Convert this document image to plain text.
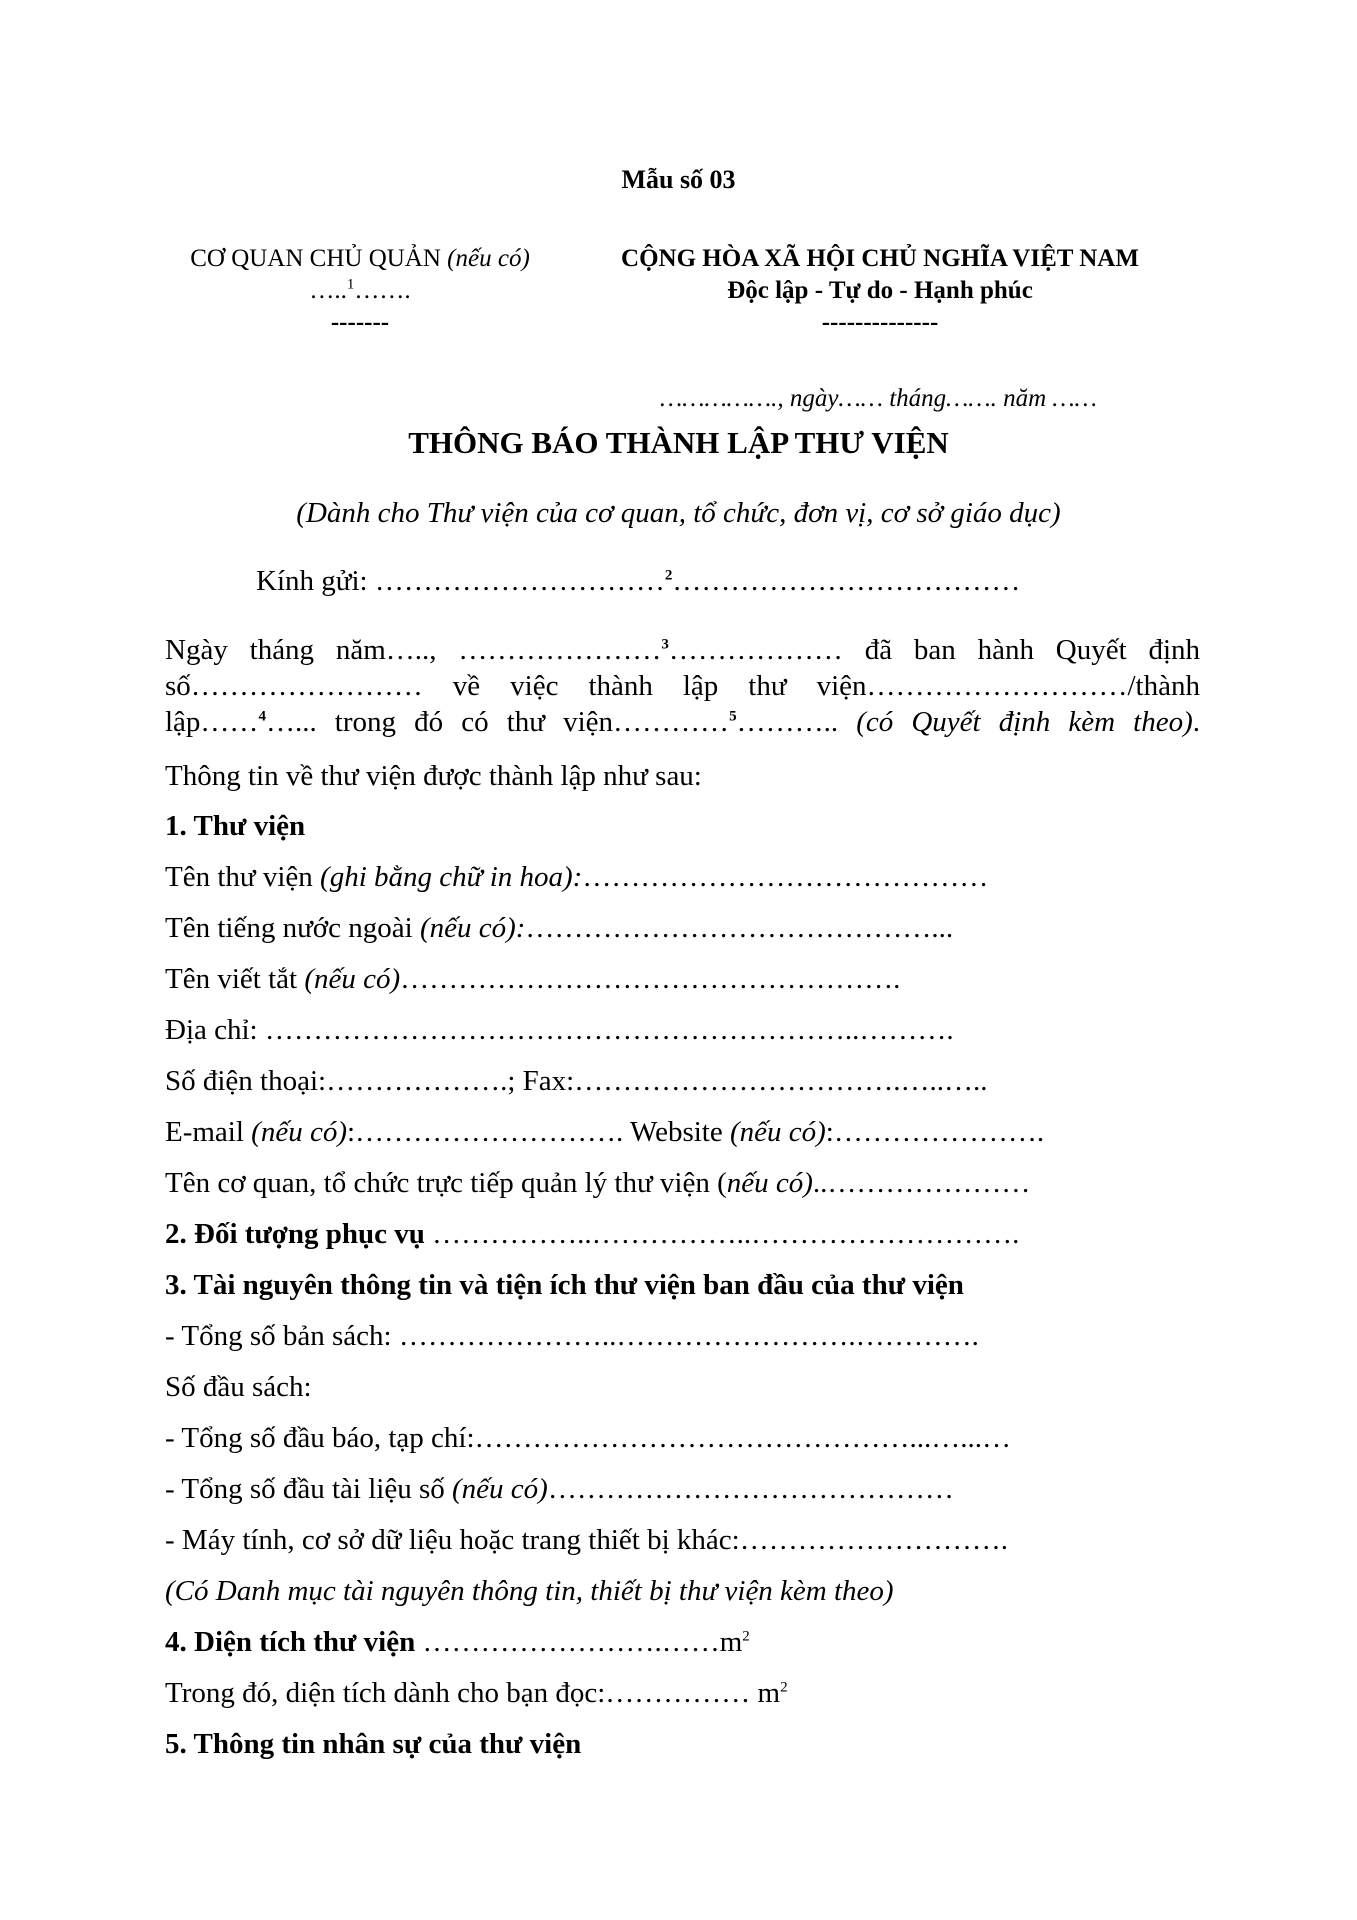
Mẫu số 03
CƠ QUAN CHỦ QUẢN (nếu có)
…..$^1$…….
-------
CỘNG HÒA XÃ HỘI CHỦ NGHĨA VIỆT NAM
Độc lập - Tự do - Hạnh phúc
--------------
……………., ngày…… tháng……. năm ……
THÔNG BÁO THÀNH LẬP THƯ VIỆN
(Dành cho Thư viện của cơ quan, tổ chức, đơn vị, cơ sở giáo dục)
Kính gửi: …………………………$^2$………………………………
Ngày tháng năm….., …………………$^3$……………… đã ban hành Quyết định
số…………………… về việc thành lập thư viện………………………/thành
lập……$^4$…... trong đó có thư viện…………$^5$……….. (có Quyết định kèm theo).
Thông tin về thư viện được thành lập như sau:
1. Thư viện
Tên thư viện (ghi bằng chữ in hoa):……………………………………
Tên tiếng nước ngoài (nếu có):……………………………………...
Tên viết tắt (nếu có)…………………………………………….
Địa chỉ: ……………………………………………………..……….
Số điện thoại:……………….; Fax:…………………………….…..…..
E-mail (nếu có):………………………. Website (nếu có):………………….
Tên cơ quan, tổ chức trực tiếp quản lý thư viện (nếu có)..…………………
2. Đối tượng phục vụ ……………..……………..……………………….
3. Tài nguyên thông tin và tiện ích thư viện ban đầu của thư viện
- Tổng số bản sách: …………………..…………………….………….
Số đầu sách:
- Tổng số đầu báo, tạp chí:………………………………………...…...…
- Tổng số đầu tài liệu số (nếu có)……………………………………
- Máy tính, cơ sở dữ liệu hoặc trang thiết bị khác:……………………….
(Có Danh mục tài nguyên thông tin, thiết bị thư viện kèm theo)
4. Diện tích thư viện $\dots\dots\dots\dots\dots\dots\dots\dots.\dots\dots m^2$
Trong đó, diện tích dành cho bạn đọc:…………… $m^2$
5. Thông tin nhân sự của thư viện
